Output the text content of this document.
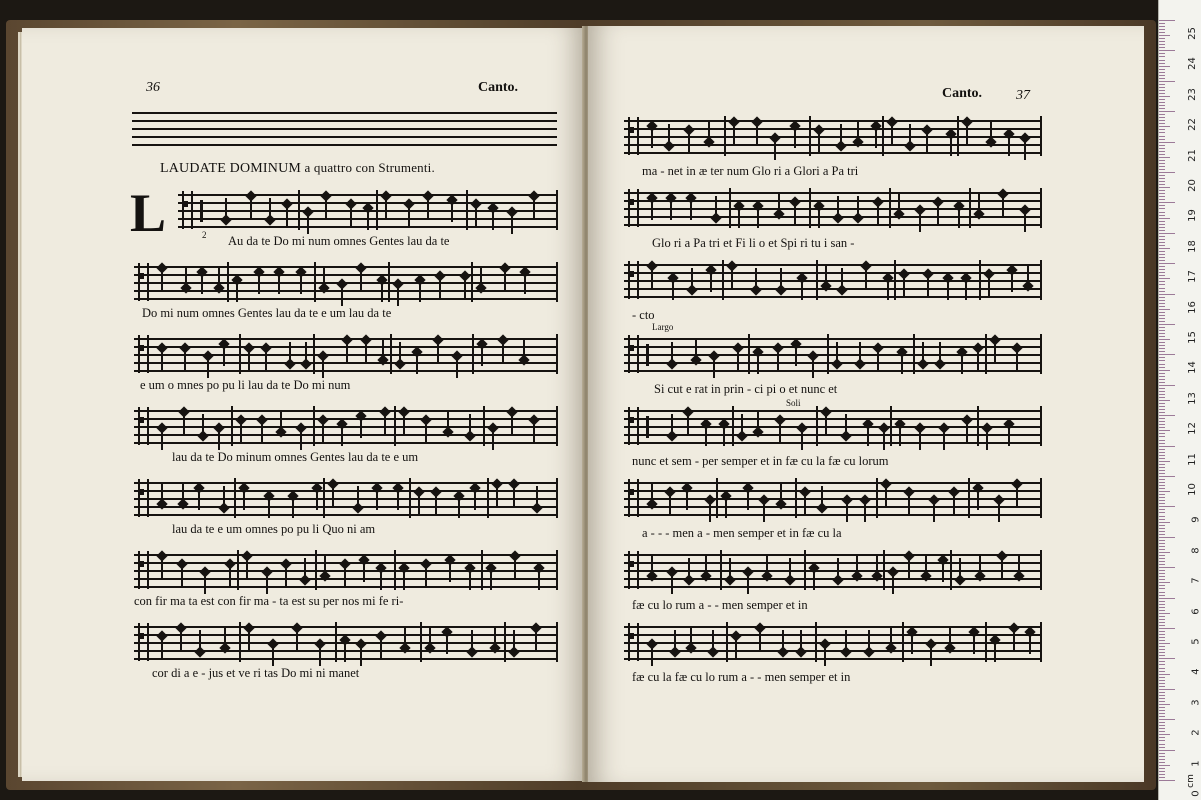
36	Canto.
LAUDATE DOMINUM a quattro con Strumenti.
L	2 Au da te Do mi num omnes Gentes lau da te
Do mi num omnes Gentes lau da te e um lau da te
e um o mnes po pu li lau da te Do mi num
lau da te Do minum omnes Gentes lau da te e um
lau da te e um omnes po pu li Quo ni am
con fir ma ta est con fir ma - ta est su per nos mi fe ri-
cor di a e - jus et ve ri tas Do mi ni manet
Canto. 37
Largo
Soli
ma - net in æ ter num Glo ri a Glori a Pa tri
Glo ri a Pa tri et Fi li o et Spi ri tu i san -
- cto
Si cut e rat in prin - ci pi o et nunc et
nunc et sem - per semper et in fæ cu la fæ cu lorum
a - - - men a - men semper et in fæ cu la
fæ cu lo rum a - - men semper et in
fæ cu la fæ cu lo rum a - - men semper et in
25
24
23
22
21
20
19
18
17
16
15
14
13
12
11
10
9
8
7
6
5
4
3
2
1
0
cm
